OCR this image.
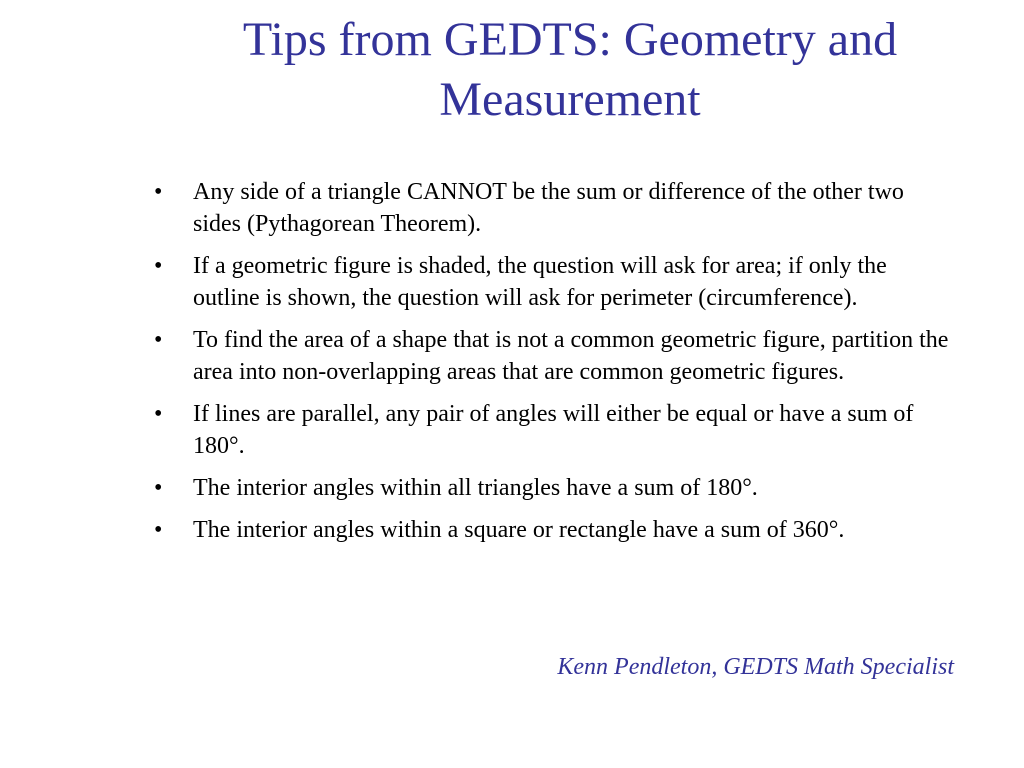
Tips from GEDTS: Geometry and Measurement
•	Any side of a triangle CANNOT be the sum or difference of the other two sides (Pythagorean Theorem).
•	If a geometric figure is shaded, the question will ask for area; if only the outline is shown, the question will ask for perimeter (circumference).
•	To find the area of a shape that is not a common geometric figure, partition the area into non-overlapping areas that are common geometric figures.
•	If lines are parallel, any pair of angles will either be equal or have a sum of 180°.
•	The interior angles within all triangles have a sum of 180°.
•	The interior angles within a square or rectangle have a sum of 360°.
Kenn Pendleton, GEDTS Math Specialist
